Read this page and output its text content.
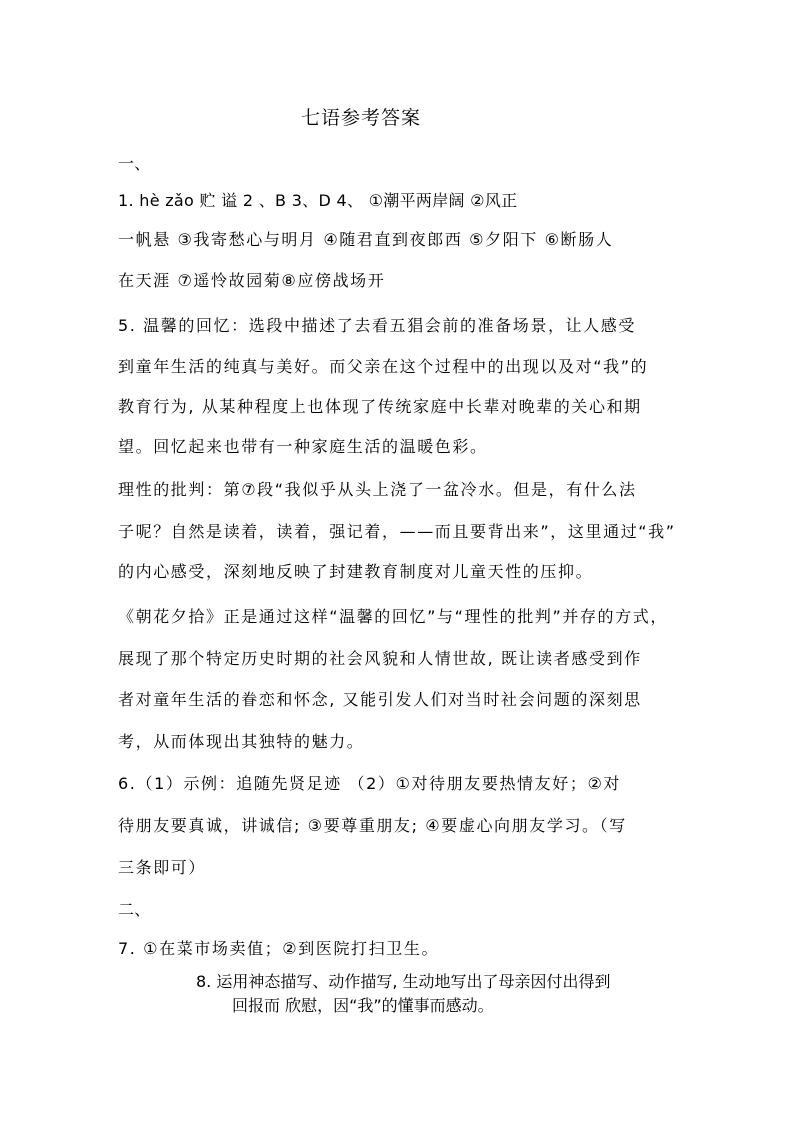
七语参考答案
一、
1. hè zǎo 贮 谥 2 、B 3、D 4、 ①潮平两岸阔 ②风正
一帆悬 ③我寄愁心与明月 ④随君直到夜郎西 ⑤夕阳下 ⑥断肠人
在天涯 ⑦遥怜故园菊⑧应傍战场开
5. 温馨的回忆：选段中描述了去看五猖会前的准备场景，让人感受
到童年生活的纯真与美好。而父亲在这个过程中的出现以及对“我”的
教育行为, 从某种程度上也体现了传统家庭中长辈对晚辈的关心和期
望。回忆起来也带有一种家庭生活的温暖色彩。
理性的批判：第⑦段“我似乎从头上浇了一盆冷水。但是，有什么法
子呢？自然是读着，读着，强记着，——而且要背出来”，这里通过“我”
的内心感受，深刻地反映了封建教育制度对儿童天性的压抑。
《朝花夕拾》正是通过这样“温馨的回忆”与“理性的批判”并存的方式，
展现了那个特定历史时期的社会风貌和人情世故, 既让读者感受到作
者对童年生活的眷恋和怀念, 又能引发人们对当时社会问题的深刻思
考，从而体现出其独特的魅力。
6.（1）示例：追随先贤足迹 （2）①对待朋友要热情友好；②对
待朋友要真诚，讲诚信; ③要尊重朋友; ④要虚心向朋友学习。（写
三条即可）
二、
7. ①在菜市场卖值；②到医院打扫卫生。
8. 运用神态描写、动作描写, 生动地写出了母亲因付出得到
回报而 欣慰，因“我”的懂事而感动。
